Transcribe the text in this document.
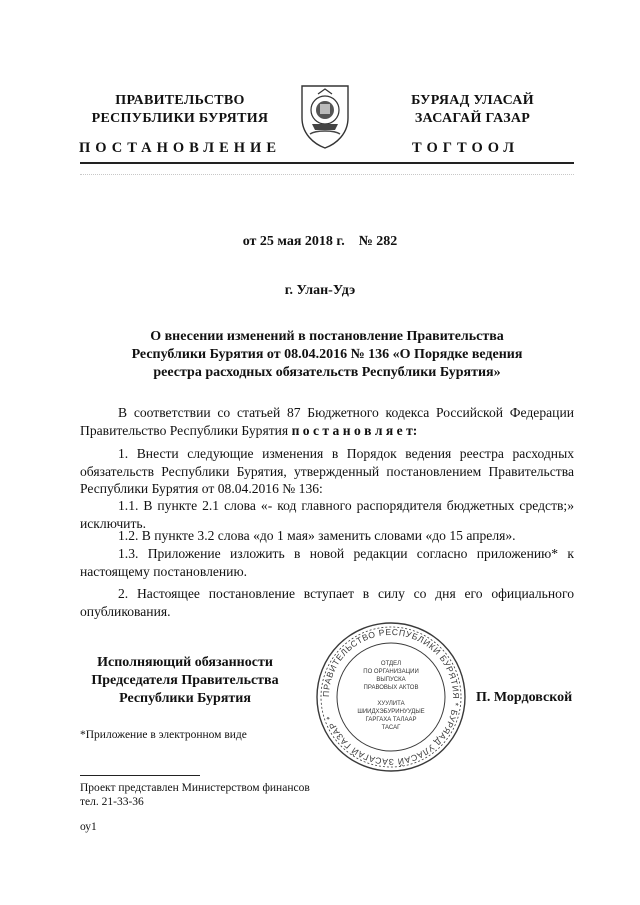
ПРАВИТЕЛЬСТВО
РЕСПУБЛИКИ БУРЯТИЯ
БУРЯАД УЛАСАЙ
ЗАСАГАЙ ГАЗАР
ПОСТАНОВЛЕНИЕ	ТОГТООЛ
от 25 мая 2018 г.    № 282
г. Улан-Удэ
О внесении изменений в постановление Правительства
Республики Бурятия от 08.04.2016 № 136 «О Порядке ведения
реестра расходных обязательств Республики Бурятия»
В соответствии со статьей 87 Бюджетного кодекса Российской Федерации Правительство Республики Бурятия п о с т а н о в л я е т:
1. Внести следующие изменения в Порядок ведения реестра расходных обязательств Республики Бурятия, утвержденный постановлением Правительства Республики Бурятия от 08.04.2016 № 136:
1.1. В пункте 2.1 слова «- код главного распорядителя бюджетных средств;» исключить.
1.2. В пункте 3.2 слова «до 1 мая» заменить словами «до 15 апреля».
1.3. Приложение изложить в новой редакции согласно приложению* к настоящему постановлению.
2. Настоящее постановление вступает в силу со дня его официального опубликования.
Исполняющий обязанности
Председателя Правительства
Республики Бурятия	П. Мордовской
ПРАВИТЕЛЬСТВО РЕСПУБЛИКИ БУРЯТИЯ * БУРЯАД УЛАСАЙ ЗАСАГАЙ ГАЗАР *
ОТДЕЛ
ПО ОРГАНИЗАЦИИ
ВЫПУСКА
ПРАВОВЫХ АКТОВ
ХУУЛИТА
ШИИДХЭБУРИНУУДЫЕ
ГАРГАХА ТАЛААР
ТАСАГ
*Приложение в электронном виде
Проект представлен Министерством финансов
тел. 21-33-36
оу1
